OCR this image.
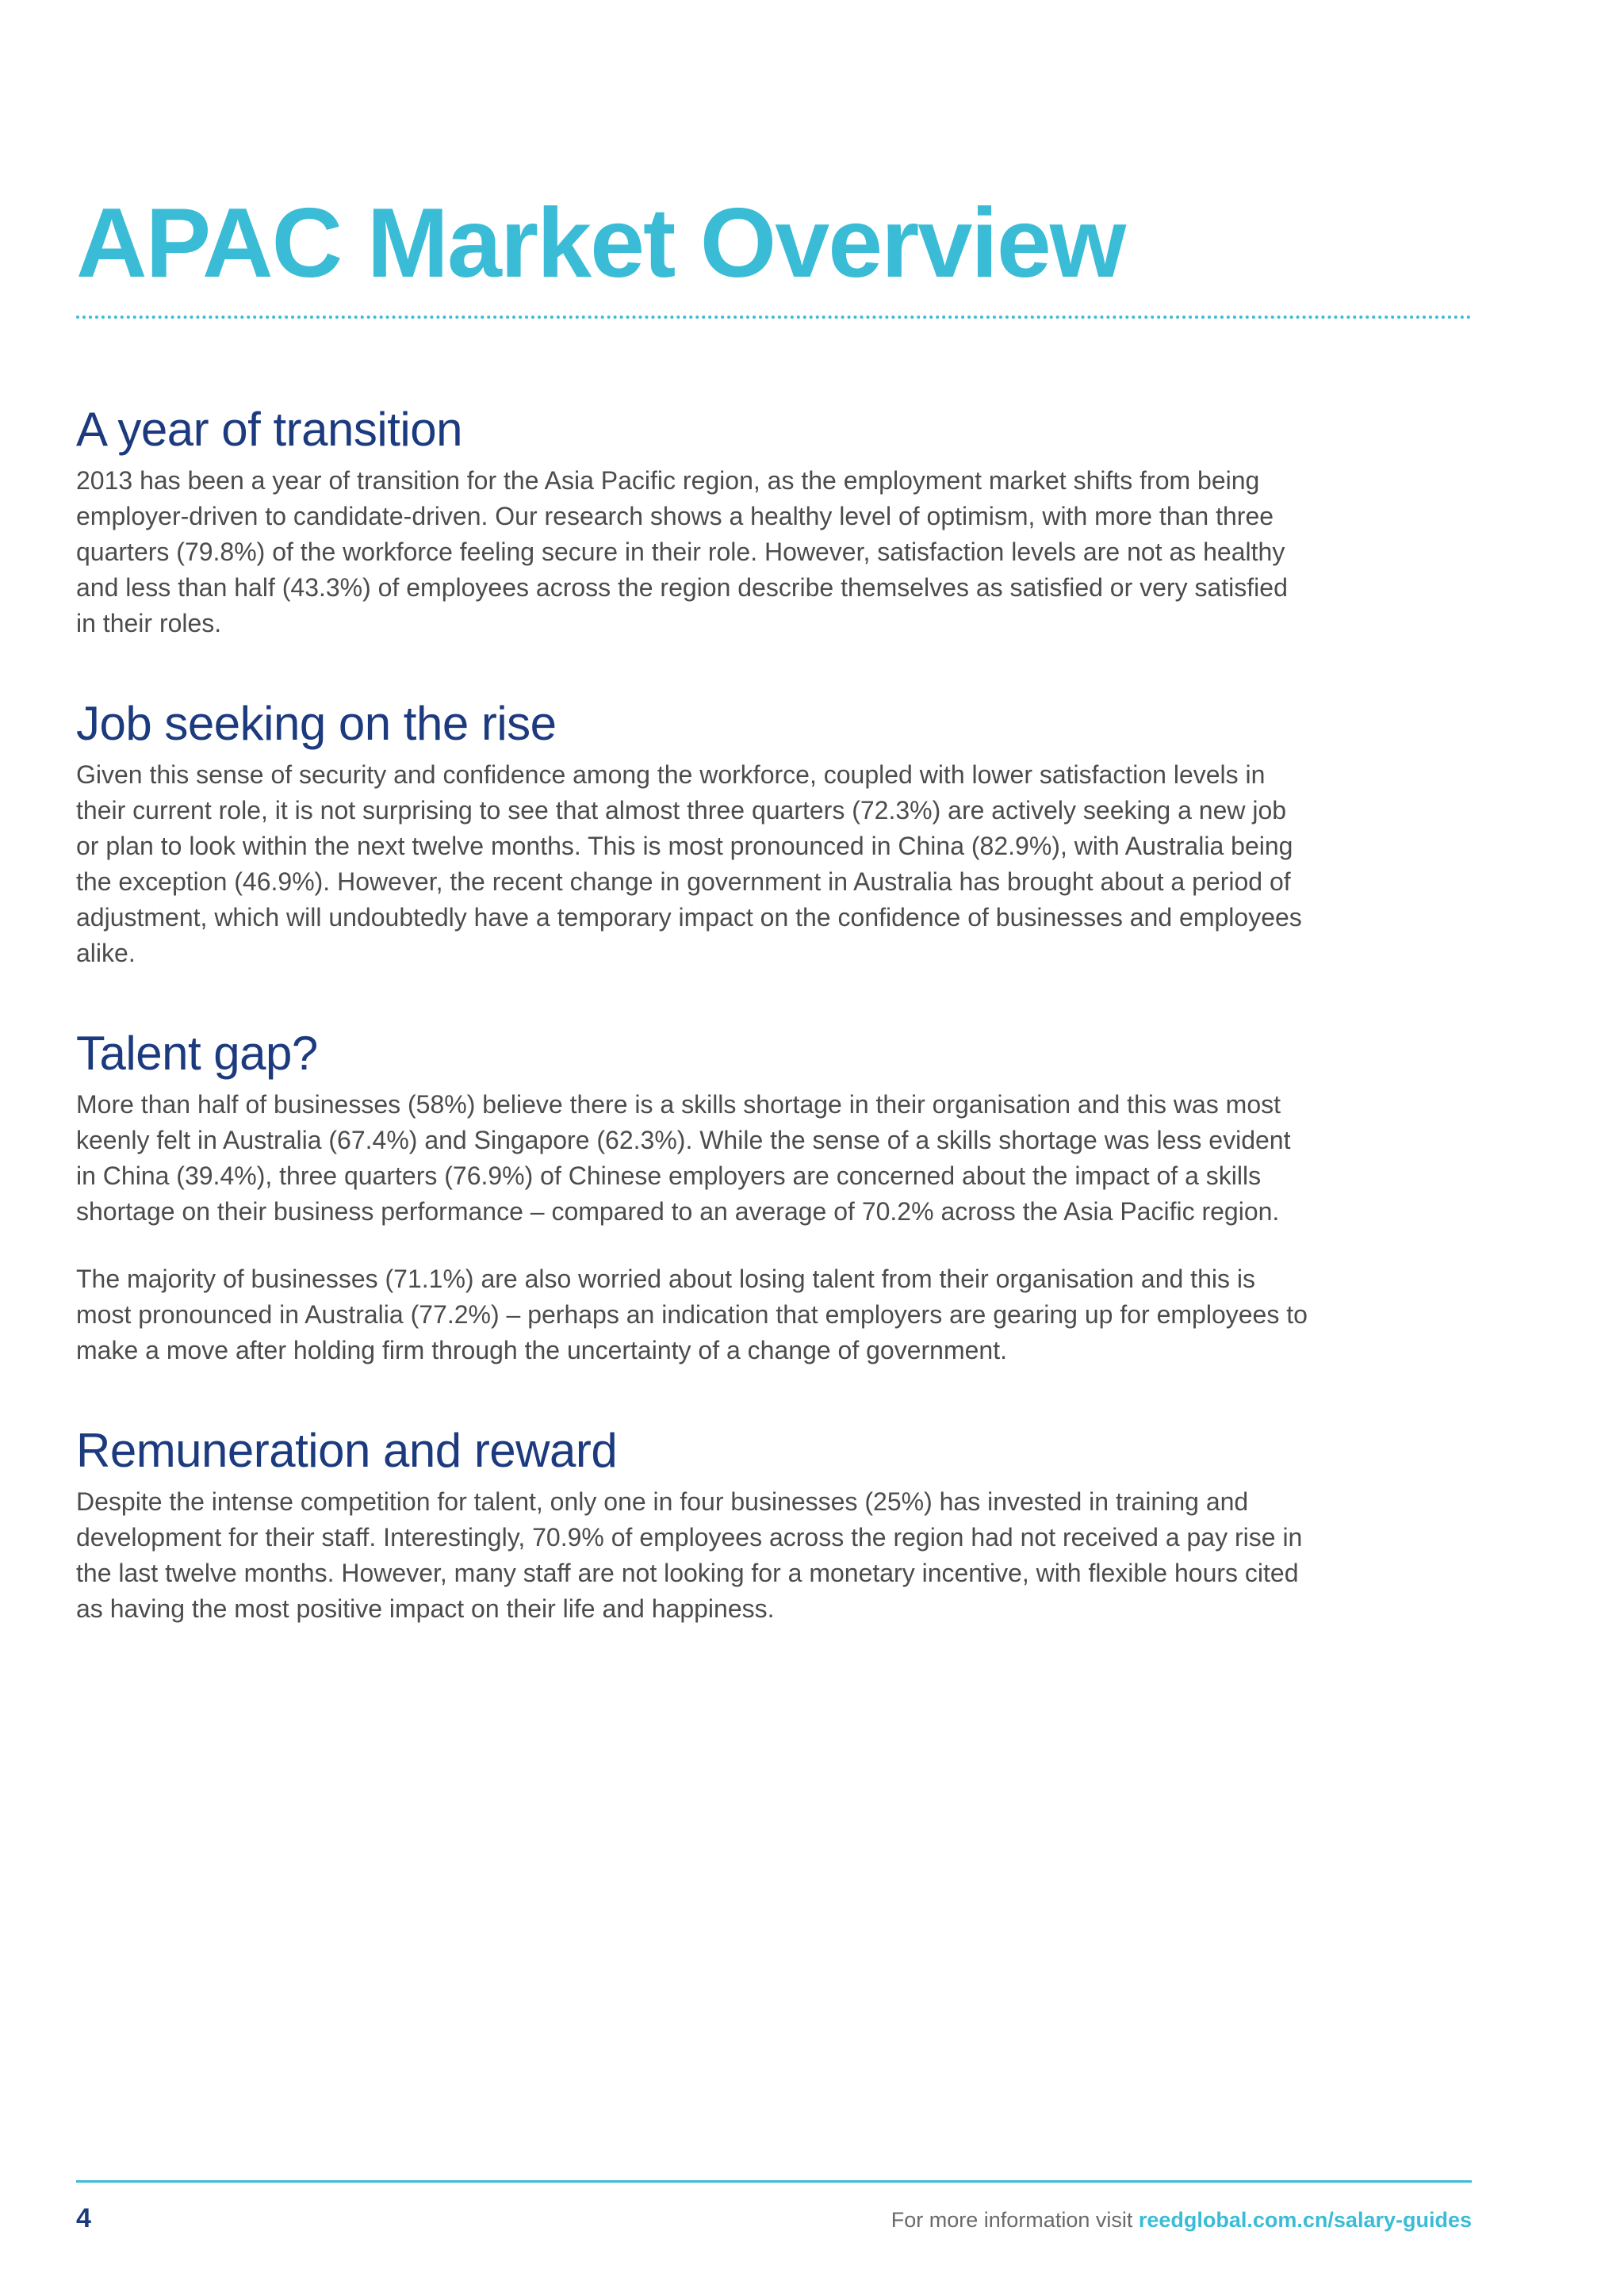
APAC Market Overview
A year of transition

2013 has been a year of transition for the Asia Pacific region, as the employment market shifts from being employer-driven to candidate-driven. Our research shows a healthy level of optimism, with more than three quarters (79.8%) of the workforce feeling secure in their role. However, satisfaction levels are not as healthy and less than half (43.3%) of employees across the region describe themselves as satisfied or very satisfied in their roles.

Job seeking on the rise

Given this sense of security and confidence among the workforce, coupled with lower satisfaction levels in their current role, it is not surprising to see that almost three quarters (72.3%) are actively seeking a new job or plan to look within the next twelve months. This is most pronounced in China (82.9%), with Australia being the exception (46.9%). However, the recent change in government in Australia has brought about a period of adjustment, which will undoubtedly have a temporary impact on the confidence of businesses and employees alike.

Talent gap?

More than half of businesses (58%) believe there is a skills shortage in their organisation and this was most keenly felt in Australia (67.4%) and Singapore (62.3%). While the sense of a skills shortage was less evident in China (39.4%), three quarters (76.9%) of Chinese employers are concerned about the impact of a skills shortage on their business performance – compared to an average of 70.2% across the Asia Pacific region.

The majority of businesses (71.1%) are also worried about losing talent from their organisation and this is most pronounced in Australia (77.2%) – perhaps an indication that employers are gearing up for employees to make a move after holding firm through the uncertainty of a change of government.

Remuneration and reward

Despite the intense competition for talent, only one in four businesses (25%) has invested in training and development for their staff. Interestingly, 70.9% of employees across the region had not received a pay rise in the last twelve months. However, many staff are not looking for a monetary incentive, with flexible hours cited as having the most positive impact on their life and happiness.

4	For more information visit reedglobal.com.cn/salary-guides
